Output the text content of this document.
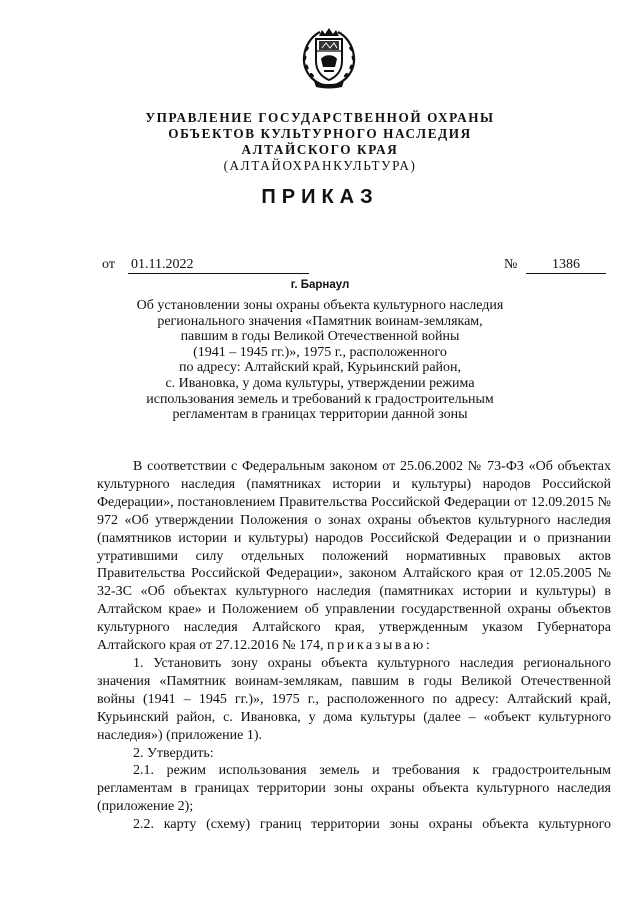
УПРАВЛЕНИЕ ГОСУДАРСТВЕННОЙ ОХРАНЫ
ОБЪЕКТОВ КУЛЬТУРНОГО НАСЛЕДИЯ
АЛТАЙСКОГО КРАЯ
(АЛТАЙОХРАНКУЛЬТУРА)
ПРИКАЗ
от 01.11.2022	№	1386
г. Барнаул
Об установлении зоны охраны объекта культурного наследия
регионального значения «Памятник воинам-землякам,
павшим в годы Великой Отечественной войны
(1941 – 1945 гг.)», 1975 г., расположенного
по адресу: Алтайский край, Курьинский район,
с. Ивановка, у дома культуры, утверждении режима
использования земель и требований к градостроительным
регламентам в границах территории данной зоны

В соответствии с Федеральным законом от 25.06.2002 № 73-ФЗ «Об объектах культурного наследия (памятниках истории и культуры) народов Российской Федерации», постановлением Правительства Российской Федерации от 12.09.2015 № 972 «Об утверждении Положения о зонах охраны объектов культурного наследия (памятников истории и культуры) народов Российской Федерации и о признании утратившими силу отдельных положений нормативных правовых актов Правительства Российской Федерации», законом Алтайского края от 12.05.2005 № 32-ЗС «Об объектах культурного наследия (памятниках истории и культуры) в Алтайском крае» и Положением об управлении государственной охраны объектов культурного наследия Алтайского края, утвержденным указом Губернатора Алтайского края от 27.12.2016 № 174, приказываю:

1. Установить зону охраны объекта культурного наследия регионального значения «Памятник воинам-землякам, павшим в годы Великой Отечественной войны (1941 – 1945 гг.)», 1975 г., расположенного по адресу: Алтайский край, Курьинский район, с. Ивановка, у дома культуры (далее – «объект культурного наследия») (приложение 1).

2. Утвердить:

2.1. режим использования земель и требования к градостроительным регламентам в границах территории зоны охраны объекта культурного наследия (приложение 2);

2.2. карту (схему) границ территории зоны охраны объекта культурного
